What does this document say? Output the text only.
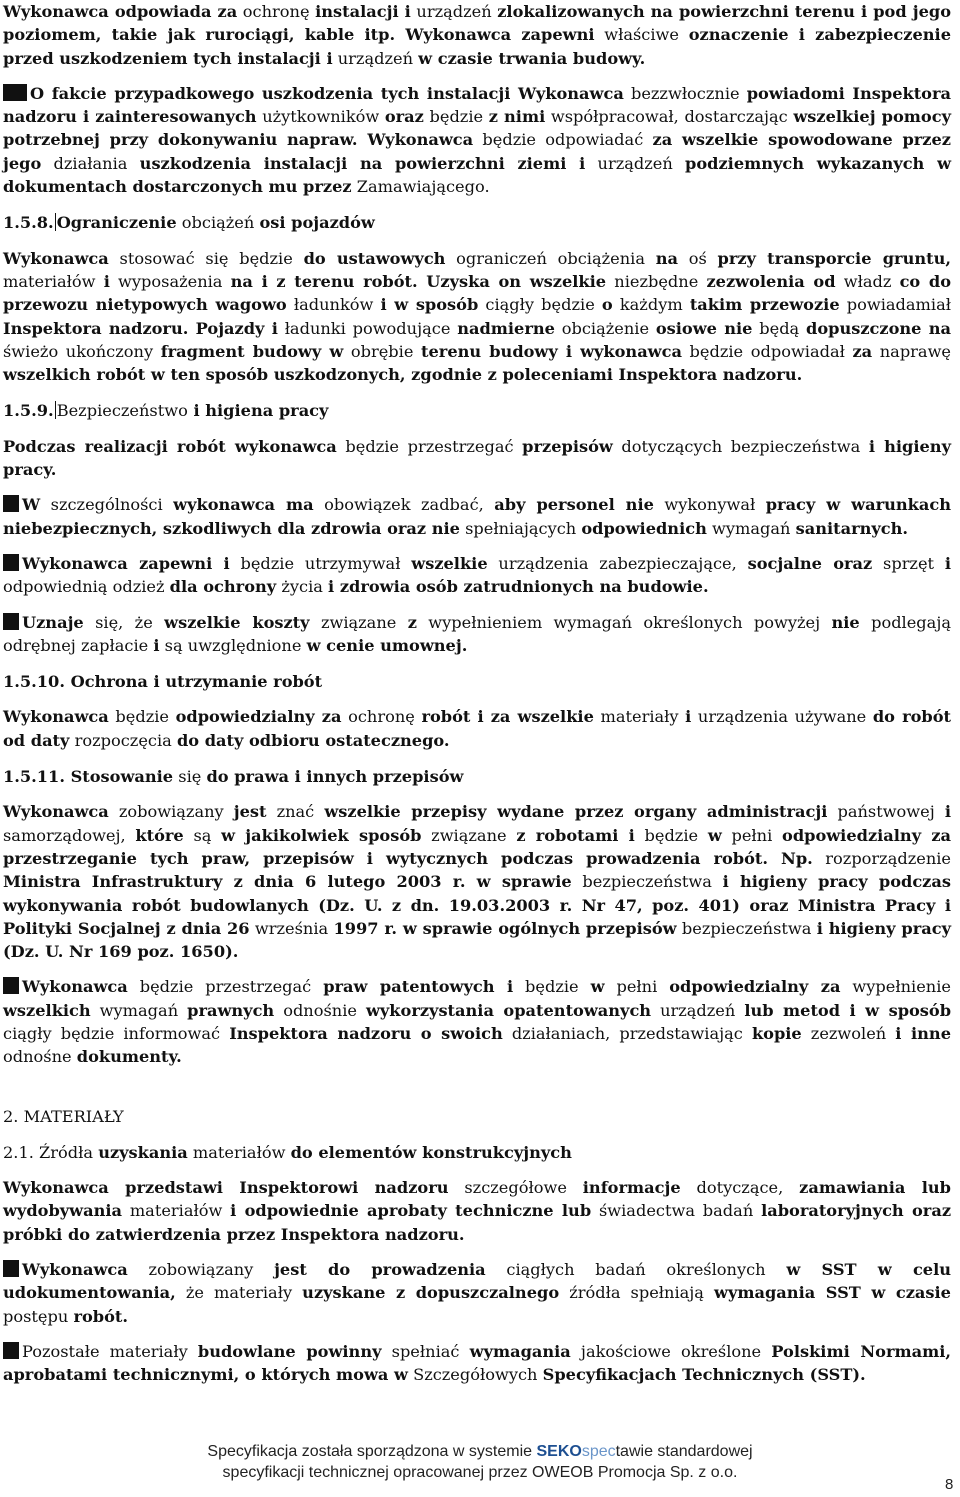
Wykonawca odpowiada za ochronę instalacji i urządzeń zlokalizowanych na powierzchni terenu i pod jego poziomem, takie jak rurociągi, kable itp. Wykonawca zapewni właściwe oznaczenie i zabezpieczenie przed uszkodzeniem tych instalacji i urządzeń w czasie trwania budowy.
O fakcie przypadkowego uszkodzenia tych instalacji Wykonawca bezzwłocznie powiadomi Inspektora nadzoru i zainteresowanych użytkowników oraz będzie z nimi współpracował, dostarczając wszelkiej pomocy potrzebnej przy dokonywaniu napraw. Wykonawca będzie odpowiadać za wszelkie spowodowane przez jego działania uszkodzenia instalacji na powierzchni ziemi i urządzeń podziemnych wykazanych w dokumentach dostarczonych mu przez Zamawiającego.
1.5.8. Ograniczenie obciążeń osi pojazdów
Wykonawca stosować się będzie do ustawowych ograniczeń obciążenia na oś przy transporcie gruntu, materiałów i wyposażenia na i z terenu robót. Uzyska on wszelkie niezbędne zezwolenia od władz co do przewozu nietypowych wagowo ładunków i w sposób ciągły będzie o każdym takim przewozie powiadamiał Inspektora nadzoru. Pojazdy i ładunki powodujące nadmierne obciążenie osiowe nie będą dopuszczone na świeżo ukończony fragment budowy w obrębie terenu budowy i wykonawca będzie odpowiadał za naprawę wszelkich robót w ten sposób uszkodzonych, zgodnie z poleceniami Inspektora nadzoru.
1.5.9. Bezpieczeństwo i higiena pracy
Podczas realizacji robót wykonawca będzie przestrzegać przepisów dotyczących bezpieczeństwa i higieny pracy.
W szczególności wykonawca ma obowiązek zadbać, aby personel nie wykonywał pracy w warunkach niebezpiecznych, szkodliwych dla zdrowia oraz nie spełniających odpowiednich wymagań sanitarnych.
Wykonawca zapewni i będzie utrzymywał wszelkie urządzenia zabezpieczające, socjalne oraz sprzęt i odpowiednią odzież dla ochrony życia i zdrowia osób zatrudnionych na budowie.
Uznaje się, że wszelkie koszty związane z wypełnieniem wymagań określonych powyżej nie podlegają odrębnej zapłacie i są uwzględnione w cenie umownej.
1.5.10. Ochrona i utrzymanie robót
Wykonawca będzie odpowiedzialny za ochronę robót i za wszelkie materiały i urządzenia używane do robót od daty rozpoczęcia do daty odbioru ostatecznego.
1.5.11. Stosowanie się do prawa i innych przepisów
Wykonawca zobowiązany jest znać wszelkie przepisy wydane przez organy administracji państwowej i samorządowej, które są w jakikolwiek sposób związane z robotami i będzie w pełni odpowiedzialny za przestrzeganie tych praw, przepisów i wytycznych podczas prowadzenia robót. Np. rozporządzenie Ministra Infrastruktury z dnia 6 lutego 2003 r. w sprawie bezpieczeństwa i higieny pracy podczas wykonywania robót budowlanych (Dz. U. z dn. 19.03.2003 r. Nr 47, poz. 401) oraz Ministra Pracy i Polityki Socjalnej z dnia 26 września 1997 r. w sprawie ogólnych przepisów bezpieczeństwa i higieny pracy (Dz. U. Nr 169 poz. 1650).
Wykonawca będzie przestrzegać praw patentowych i będzie w pełni odpowiedzialny za wypełnienie wszelkich wymagań prawnych odnośnie wykorzystania opatentowanych urządzeń lub metod i w sposób ciągły będzie informować Inspektora nadzoru o swoich działaniach, przedstawiając kopie zezwoleń i inne odnośne dokumenty.
2. MATERIAŁY
2.1. Źródła uzyskania materiałów do elementów konstrukcyjnych
Wykonawca przedstawi Inspektorowi nadzoru szczegółowe informacje dotyczące, zamawiania lub wydobywania materiałów i odpowiednie aprobaty techniczne lub świadectwa badań laboratoryjnych oraz próbki do zatwierdzenia przez Inspektora nadzoru.
Wykonawca zobowiązany jest do prowadzenia ciągłych badań określonych w SST w celu udokumentowania, że materiały uzyskane z dopuszczalnego źródła spełniają wymagania SST w czasie postępu robót.
Pozostałe materiały budowlane powinny spełniać wymagania jakościowe określone Polskimi Normami, aprobatami technicznymi, o których mowa w Szczegółowych Specyfikacjach Technicznych (SST).
Specyfikacja została sporządzona w systemie SEKOspectawie standardowej
specyfikacji technicznej opracowanej przez OWEOB Promocja Sp. z o.o.
8
